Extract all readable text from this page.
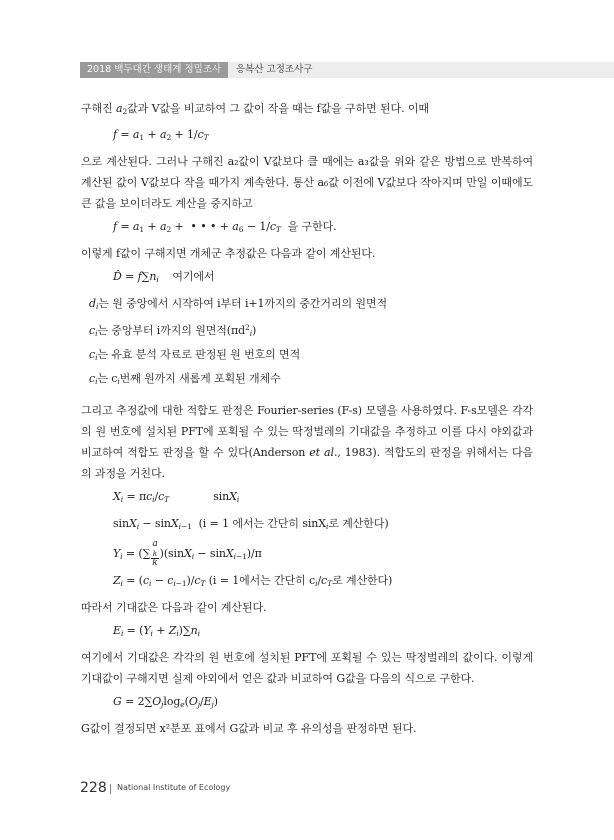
2018 백두대간 생태계 정밀조사	응복산 고정조사구

구해진 $a_2$값과 V값을 비교하여 그 값이 작을 때는 f값을 구하면 된다. 이때

$f = a_1 + a_2 + 1/c_T$

으로 계산된다. 그러나 구해진 a₂값이 V값보다 클 때에는 a₃값을 위와 같은 방법으로 반복하여 계산된 값이 V값보다 작을 때가지 계속한다. 통산 a₆값 이전에 V값보다 작아지며 만일 이때에도 큰 값을 보이더라도 계산을 중지하고

$f = a_1 + a_2$ +  • • • + $a_6 - 1/c_T$ 을 구한다.

이렇게 f값이 구해지면 개체군 추정값은 다음과 같이 계산된다.

D̂ = $f\sum n_i$ 여기에서

$d_i$는 원 중앙에서 시작하여 i부터 i+1까지의 중간거리의 원면적

$c_i$는 중앙부터 i까지의 원면적$(\pi d^2_i)$

$c_i$는 유효 분석 자료로 판정된 원 번호의 면적

$c_i$는 $c_i$번째 원까지 새롭게 포획된 개체수

그리고 추정값에 대한 적합도 판정은 Fourier-series (F-s) 모델을 사용하였다. F-s모델은 각각의 원 번호에 설치된 PFT에 포획될 수 있는 딱정벌레의 기대값을 추정하고 이를 다시 야외값과 비교하여 적합도 판정을 할 수 있다(Anderson et al., 1983). 적합도의 판정을 위해서는 다음의 과정을 거친다.

$X_i = \pi c_i/c_T$             sinX$_i$
sinX$_i$ − sinX$_{i-1}$ (i = 1 에서는 간단히 sinX$_i$로 계산한다)
$Y_i$ = (∑ a
$_k$
k )(sinX$_i$ − sinX$_{i-1}$)/π
$Z_i = (c_i - c_{i-1})/c_T$ (i = 1에서는 간단히 $c_i/c_T$로 계산한다)

따라서 기대값은 다음과 같이 계산된다.

$E_i = (Y_i + Z_i)\sum n_i$

여기에서 기대값은 각각의 원 번호에 설치된 PFT에 포획될 수 있는 딱정벌레의 값이다. 이렇게 기대값이 구해지면 실제 야외에서 얻은 값과 비교하여 G값을 다음의 식으로 구한다.

$G = 2\sum O_j\log_e(O_j/E_j)$

G값이 결정되면 x²분포 표에서 G값과 비교 후 유의성을 판정하면 된다.

228 National Institute of Ecology
